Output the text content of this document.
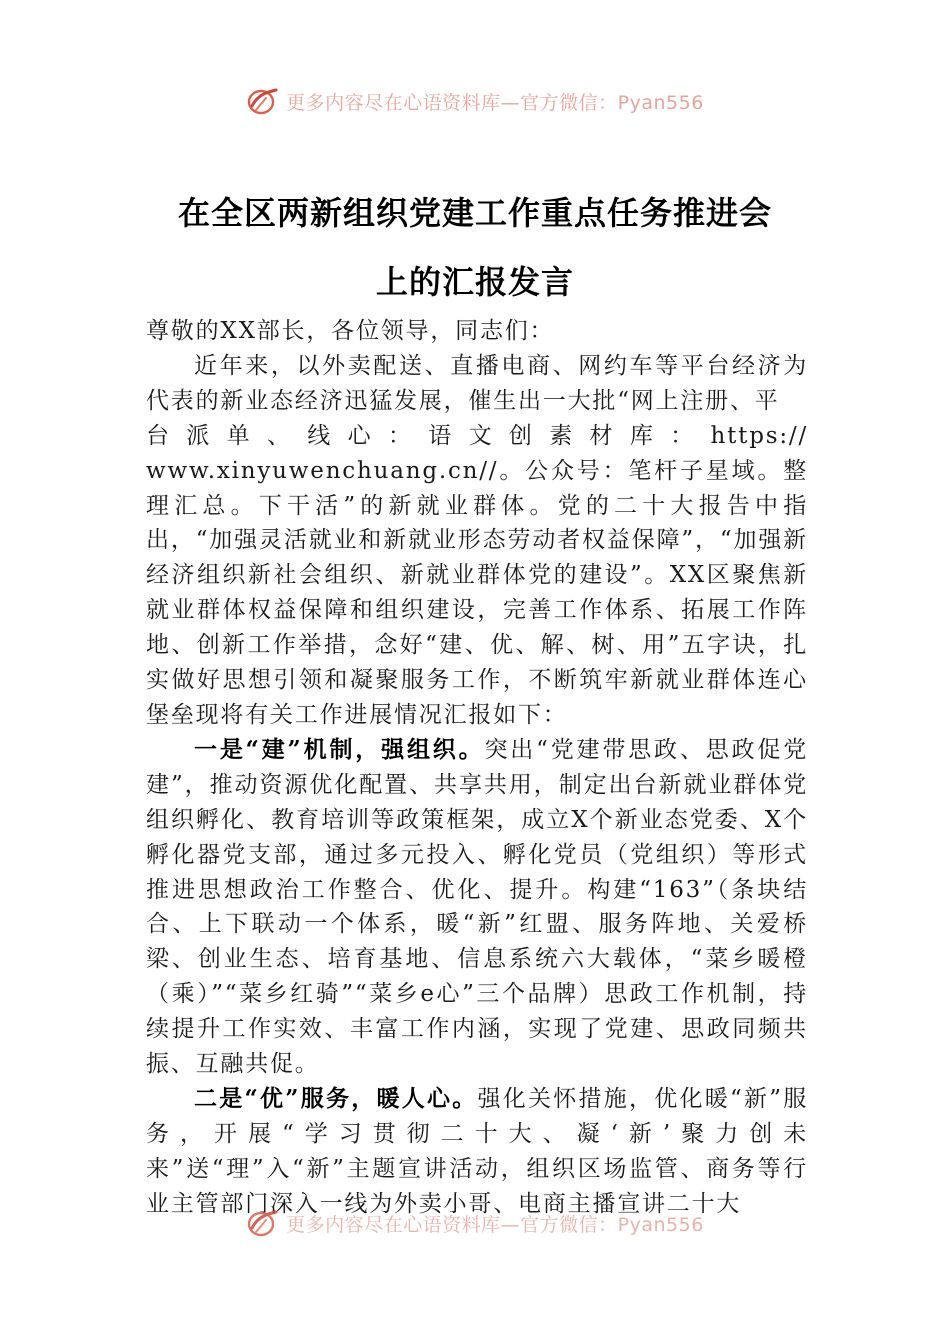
更多内容尽在心语资料库—官方微信：Pyan556
在全区两新组织党建工作重点任务推进会
上的汇报发言

尊敬的XX部长，各位领导，同志们：

近年来，以外卖配送、直播电商、网约车等平台经济为代表的新业态经济迅猛发展，催生出一大批“网上注册、平

台派单、线心：语文创素材库：https://

www.xinyuwenchuang.cn//。公众号：笔杆子星域。整理汇总。下干活”的新就业群体。党的二十大报告中指出，“加强灵活就业和新就业形态劳动者权益保障”，“加强新经济组织新社会组织、新就业群体党的建设”。XX区聚焦新就业群体权益保障和组织建设，完善工作体系、拓展工作阵地、创新工作举措，念好“建、优、解、树、用”五字诀，扎实做好思想引领和凝聚服务工作，不断筑牢新就业群体连心堡垒现将有关工作进展情况汇报如下：

一是“建”机制，强组织。突出“党建带思政、思政促党建”，推动资源优化配置、共享共用，制定出台新就业群体党组织孵化、教育培训等政策框架，成立X个新业态党委、X个孵化器党支部，通过多元投入、孵化党员（党组织）等形式推进思想政治工作整合、优化、提升。构建“163”（条块结合、上下联动一个体系，暖“新”红盟、服务阵地、关爱桥梁、创业生态、培育基地、信息系统六大载体，“菜乡暖橙（乘）”“菜乡红骑”“菜乡e心”三个品牌）思政工作机制，持续提升工作实效、丰富工作内涵，实现了党建、思政同频共振、互融共促。

二是“优”服务，暖人心。强化关怀措施，优化暖“新”服务，开展“学习贯彻二十大、凝‘新’聚力创未来”送“理”入“新”主题宣讲活动，组织区场监管、商务等行业主管部门深入一线为外卖小哥、电商主播宣讲二十大

更多内容尽在心语资料库—官方微信：Pyan556
